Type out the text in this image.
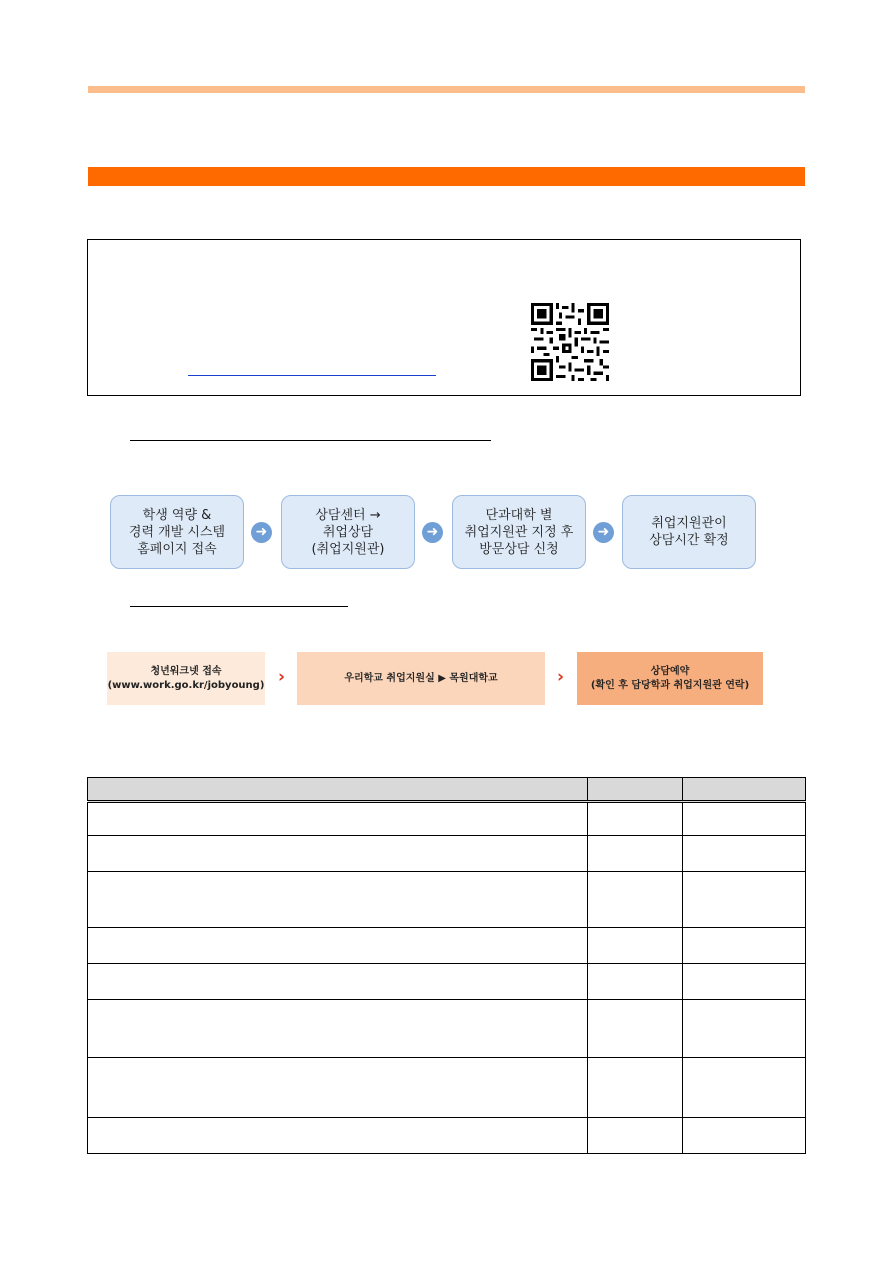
학생 역량 &
경력 개발 시스템
홈페이지 접속
➜
상담센터 →
취업상담
(취업지원관)
➜
단과대학 별
취업지원관 지정 후
방문상담 신청
➜
취업지원관이
상담시간 확정
청년워크넷 접속
(www.work.go.kr/jobyoung) ›	우리학교 취업지원실 ▶ 목원대학교	›	상담예약
(확인 후 담당학과 취업지원관 연락)
